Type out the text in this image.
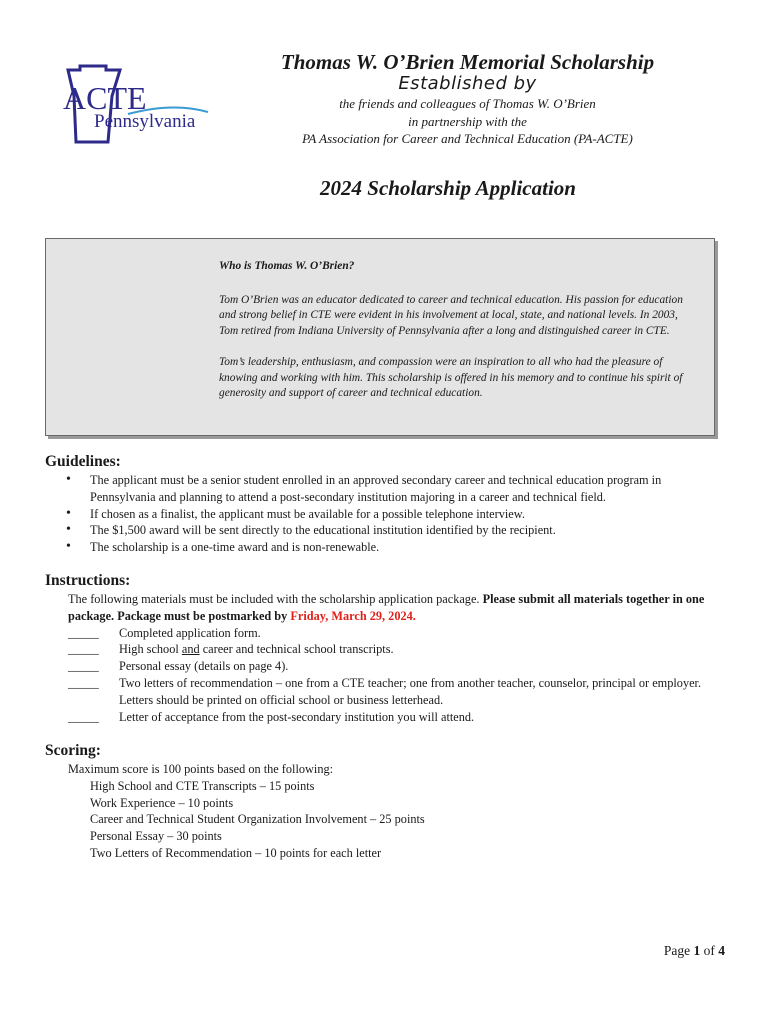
ACTE
Pennsylvania
Thomas W. O’Brien Memorial Scholarship
Established by
the friends and colleagues of Thomas W. O’Brien
in partnership with the
PA Association for Career and Technical Education (PA-ACTE)
2024 Scholarship Application
Who is Thomas W. O’Brien?

Tom O’Brien was an educator dedicated to career and technical education. His passion for education and strong belief in CTE were evident in his involvement at local, state, and national levels. In 2003, Tom retired from Indiana University of Pennsylvania after a long and distinguished career in CTE.

Tom’s leadership, enthusiasm, and compassion were an inspiration to all who had the pleasure of knowing and working with him. This scholarship is offered in his memory and to continue his spirit of generosity and support of career and technical education.

Guidelines:
• The applicant must be a senior student enrolled in an approved secondary career and technical education program in Pennsylvania and planning to attend a post-secondary institution majoring in a career and technical field.
• If chosen as a finalist, the applicant must be available for a possible telephone interview.
• The $1,500 award will be sent directly to the educational institution identified by the recipient.
• The scholarship is a one-time award and is non-renewable.
Instructions:
The following materials must be included with the scholarship application package. Please submit all materials together in one package. Package must be postmarked by Friday, March 29, 2024.
_____	Completed application form.
_____	High school and career and technical school transcripts.
_____	Personal essay (details on page 4).
_____	Two letters of recommendation – one from a CTE teacher; one from another teacher, counselor, principal or employer. Letters should be printed on official school or business letterhead.
_____	Letter of acceptance from the post-secondary institution you will attend.
Scoring:
Maximum score is 100 points based on the following:
High School and CTE Transcripts – 15 points
Work Experience – 10 points
Career and Technical Student Organization Involvement – 25 points
Personal Essay – 30 points
Two Letters of Recommendation – 10 points for each letter
Page 1 of 4
